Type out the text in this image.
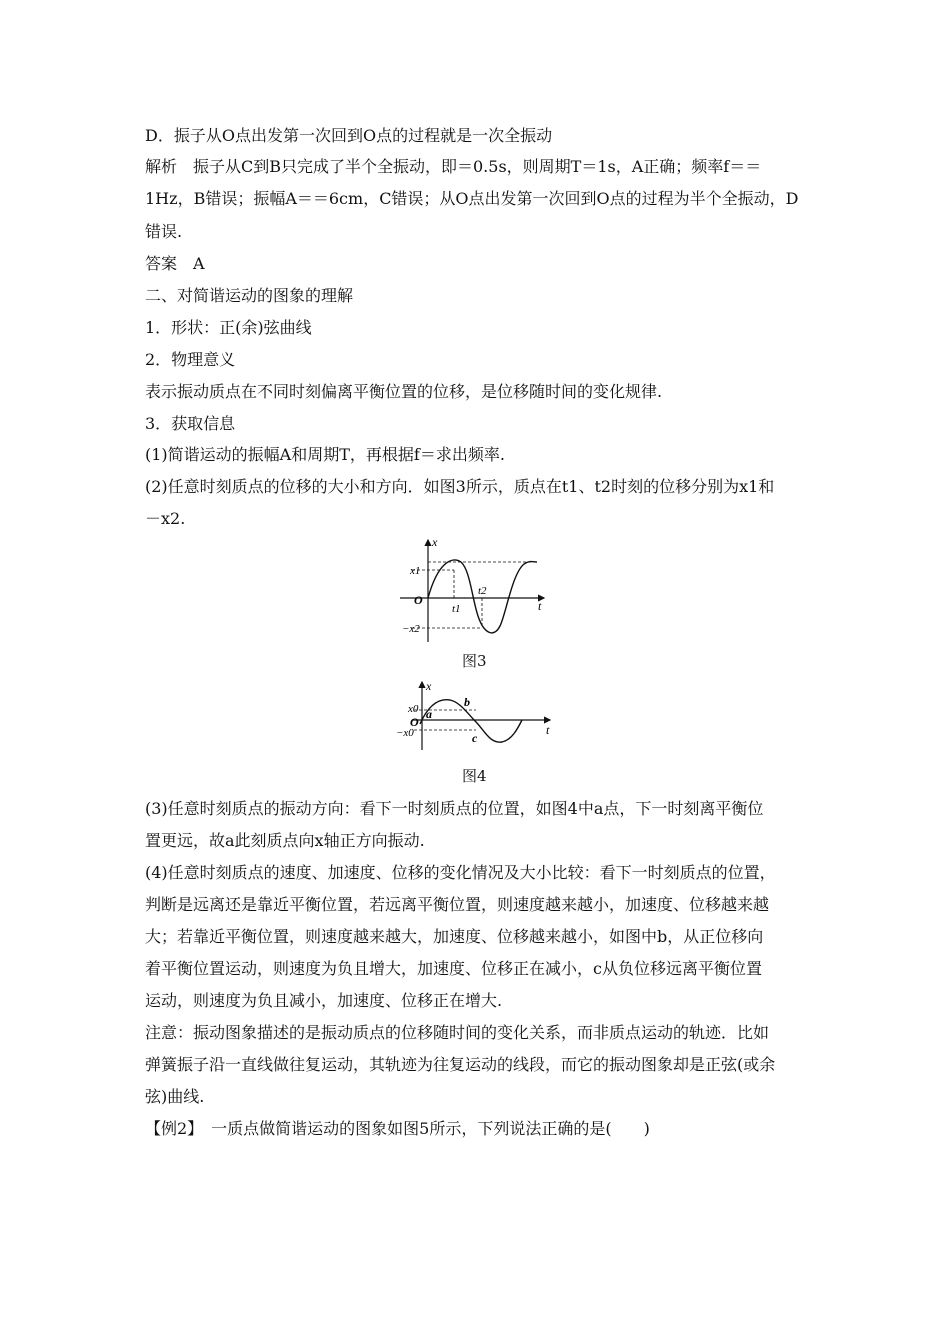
D．振子从O点出发第一次回到O点的过程就是一次全振动
解析　振子从C到B只完成了半个全振动，即＝0.5s，则周期T＝1s，A正确；频率f＝＝
1Hz，B错误；振幅A＝＝6cm，C错误；从O点出发第一次回到O点的过程为半个全振动，D
错误.
答案　A
二、对简谐运动的图象的理解
1．形状：正(余)弦曲线
2．物理意义
表示振动质点在不同时刻偏离平衡位置的位移，是位移随时间的变化规律.
3．获取信息
(1)简谐运动的振幅A和周期T，再根据f＝求出频率.
(2)任意时刻质点的位移的大小和方向．如图3所示，质点在t1、t2时刻的位移分别为x1和
－x2.
x
t
O
x1
−x2
t1
t2
图3
x
t
O
x0
−x0
a
b
c
图4
(3)任意时刻质点的振动方向：看下一时刻质点的位置，如图4中a点，下一时刻离平衡位
置更远，故a此刻质点向x轴正方向振动.
(4)任意时刻质点的速度、加速度、位移的变化情况及大小比较：看下一时刻质点的位置，
判断是远离还是靠近平衡位置，若远离平衡位置，则速度越来越小，加速度、位移越来越
大；若靠近平衡位置，则速度越来越大，加速度、位移越来越小，如图中b，从正位移向
着平衡位置运动，则速度为负且增大，加速度、位移正在减小，c从负位移远离平衡位置
运动，则速度为负且减小，加速度、位移正在增大.
注意：振动图象描述的是振动质点的位移随时间的变化关系，而非质点运动的轨迹．比如
弹簧振子沿一直线做往复运动，其轨迹为往复运动的线段，而它的振动图象却是正弦(或余
弦)曲线.
【例2】　一质点做简谐运动的图象如图5所示，下列说法正确的是(　　)
